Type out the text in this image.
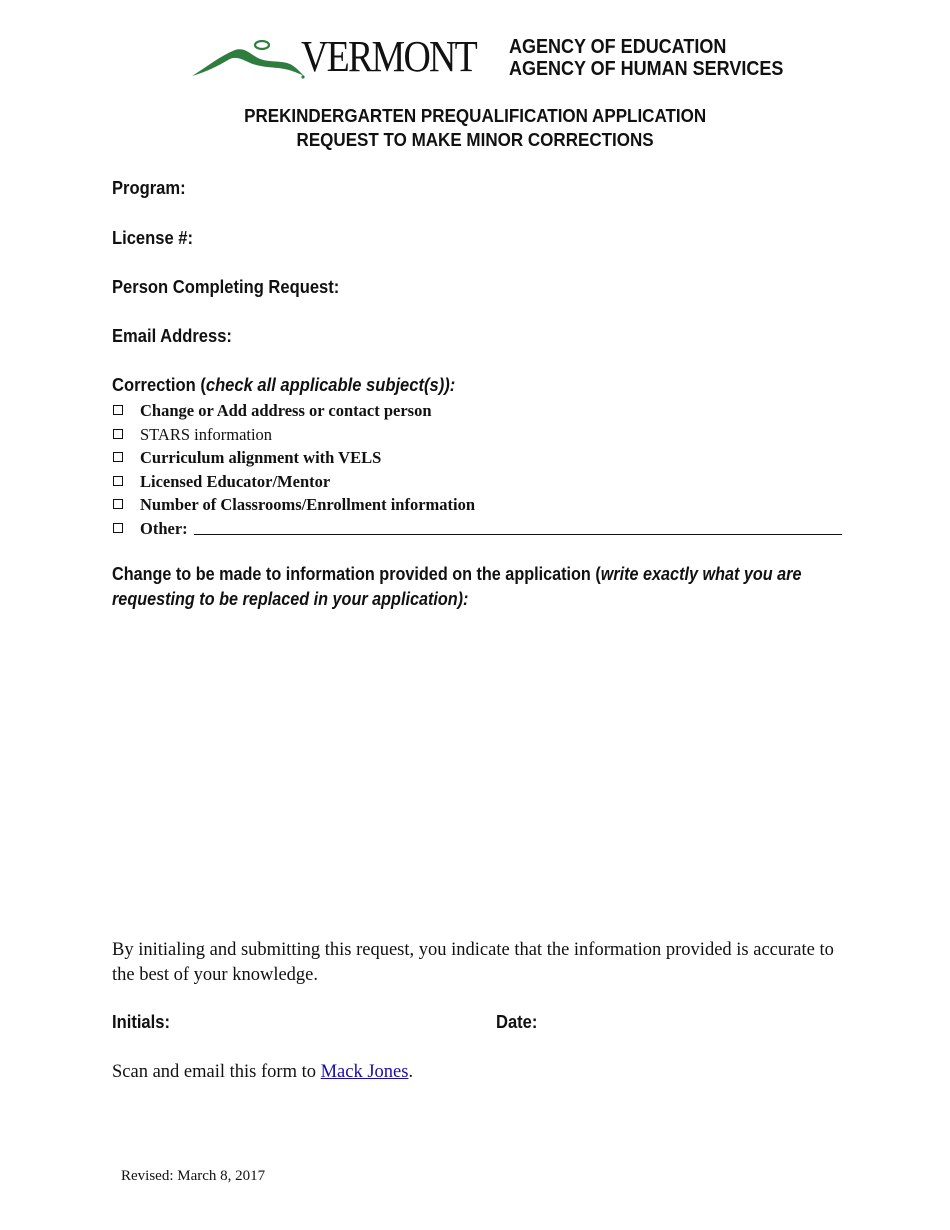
VERMONT AGENCY OF EDUCATION
AGENCY OF HUMAN SERVICES
PREKINDERGARTEN PREQUALIFICATION APPLICATION
REQUEST TO MAKE MINOR CORRECTIONS
Program:
License #:
Person Completing Request:
Email Address:
Correction (check all applicable subject(s)):
Change or Add address or contact person
STARS information
Curriculum alignment with VELS
Licensed Educator/Mentor
Number of Classrooms/Enrollment information
Other:
Change to be made to information provided on the application (write exactly what you are requesting to be replaced in your application):
By initialing and submitting this request, you indicate that the information provided is accurate to the best of your knowledge.
Initials:	Date:
Scan and email this form to Mack Jones.
Revised: March 8, 2017
